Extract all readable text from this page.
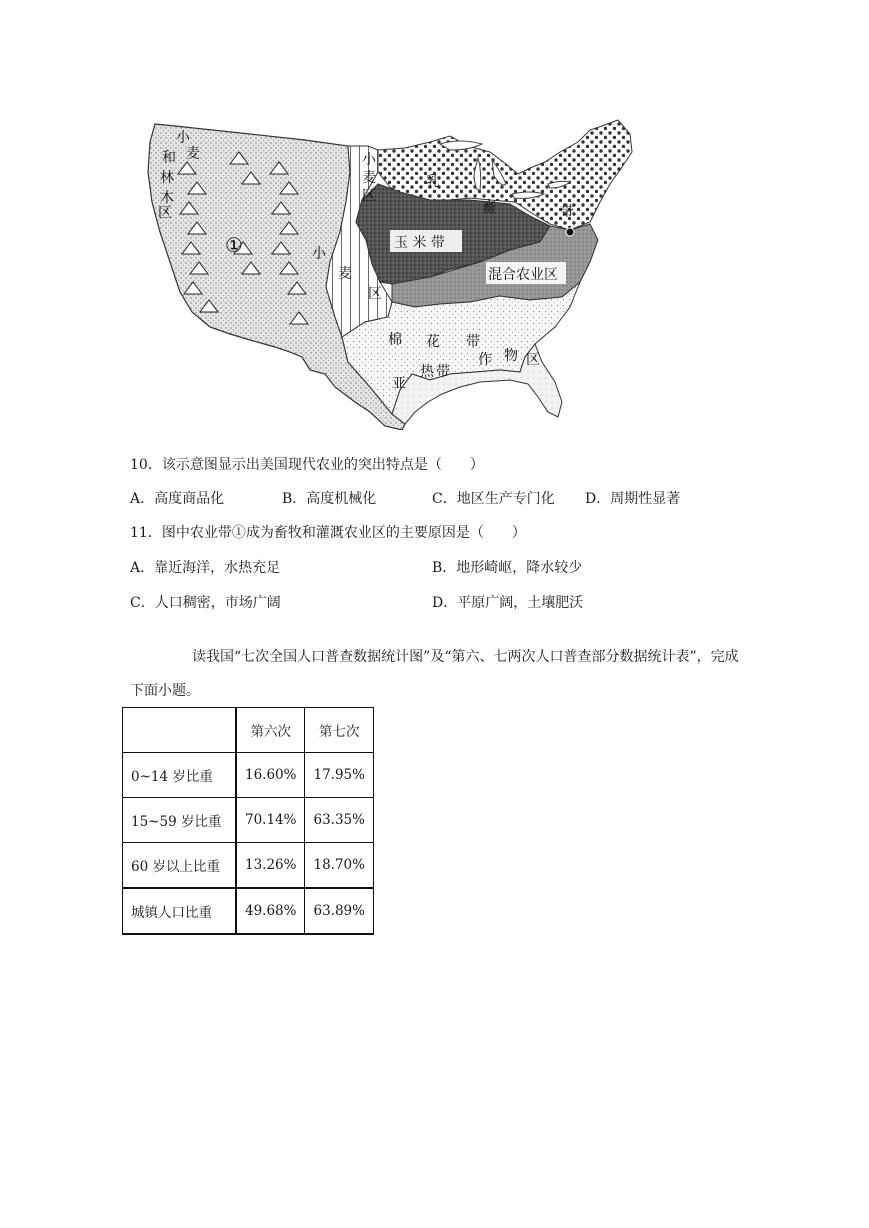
和
林
木
区
小
麦
①
小
麦
区
小
麦
区
乳
畜	带
玉 米 带
混合农业区
棉 花 带
作 物 区
亚
热 带
10．该示意图显示出美国现代农业的突出特点是（　　）
A．高度商品化	B．高度机械化	C．地区生产专门化 D．周期性显著
11．图中农业带①成为畜牧和灌溉农业区的主要原因是（　　）
A．靠近海洋，水热充足	B．地形崎岖，降水较少
C．人口稠密，市场广阔	D．平原广阔，土壤肥沃
读我国“七次全国人口普查数据统计图”及“第六、七两次人口普查部分数据统计表”，完成下面小题。
	第六次	第七次
0~14 岁比重	16.60%	17.95%
15~59 岁比重	70.14%	63.35%
60 岁以上比重	13.26%	18.70%
城镇人口比重	49.68%	63.89%
